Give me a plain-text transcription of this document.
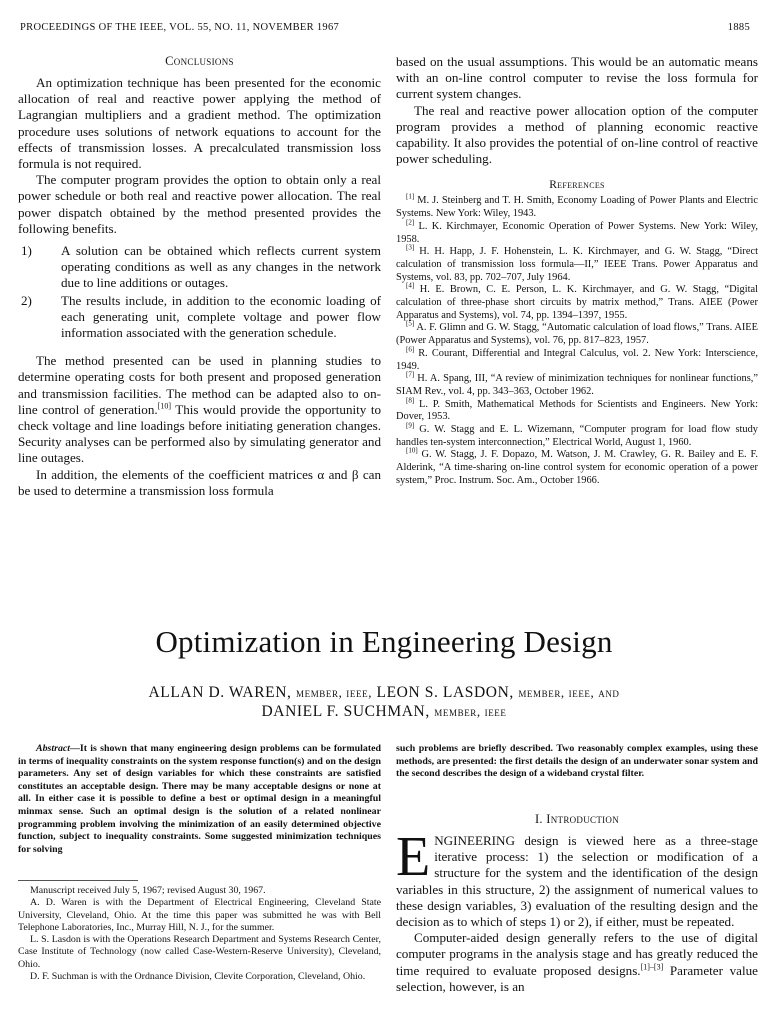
PROCEEDINGS OF THE IEEE, VOL. 55, NO. 11, NOVEMBER 1967	1885
Conclusions

An optimization technique has been presented for the economic allocation of real and reactive power applying the method of Lagrangian multipliers and a gradient method. The optimization procedure uses solutions of network equations to account for the effects of transmission losses. A precalculated transmission loss formula is not required.

The computer program provides the option to obtain only a real power schedule or both real and reactive power allocation. The real power dispatch obtained by the method presented provides the following benefits.

1) A solution can be obtained which reflects current system operating conditions as well as any changes in the network due to line additions or outages.
2) The results include, in addition to the economic loading of each generating unit, complete voltage and power flow information associated with the generation schedule.

The method presented can be used in planning studies to determine operating costs for both present and proposed generation and transmission facilities. The method can be adapted also to on-line control of generation.[10] This would provide the opportunity to check voltage and line loadings before initiating generation changes. Security analyses can be performed also by simulating generator and line outages.

In addition, the elements of the coefficient matrices α and β can be used to determine a transmission loss formula

based on the usual assumptions. This would be an automatic means with an on-line control computer to revise the loss formula for current system changes.

The real and reactive power allocation option of the computer program provides a method of planning economic reactive capability. It also provides the potential of on-line control of reactive power scheduling.

References

[1] M. J. Steinberg and T. H. Smith, Economy Loading of Power Plants and Electric Systems. New York: Wiley, 1943.

[2] L. K. Kirchmayer, Economic Operation of Power Systems. New York: Wiley, 1958.

[3] H. H. Happ, J. F. Hohenstein, L. K. Kirchmayer, and G. W. Stagg, “Direct calculation of transmission loss formula—II,” IEEE Trans. Power Apparatus and Systems, vol. 83, pp. 702–707, July 1964.

[4] H. E. Brown, C. E. Person, L. K. Kirchmayer, and G. W. Stagg, “Digital calculation of three-phase short circuits by matrix method,” Trans. AIEE (Power Apparatus and Systems), vol. 74, pp. 1394–1397, 1955.

[5] A. F. Glimn and G. W. Stagg, “Automatic calculation of load flows,” Trans. AIEE (Power Apparatus and Systems), vol. 76, pp. 817–823, 1957.

[6] R. Courant, Differential and Integral Calculus, vol. 2. New York: Interscience, 1949.

[7] H. A. Spang, III, “A review of minimization techniques for nonlinear functions,” SIAM Rev., vol. 4, pp. 343–363, October 1962.

[8] L. P. Smith, Mathematical Methods for Scientists and Engineers. New York: Dover, 1953.

[9] G. W. Stagg and E. L. Wizemann, “Computer program for load flow study handles ten-system interconnection,” Electrical World, August 1, 1960.

[10] G. W. Stagg, J. F. Dopazo, M. Watson, J. M. Crawley, G. R. Bailey and E. F. Alderink, “A time-sharing on-line control system for economic operation of a power system,” Proc. Instrum. Soc. Am., October 1966.

Optimization in Engineering Design
ALLAN D. WAREN, member, ieee, LEON S. LASDON, member, ieee, and
DANIEL F. SUCHMAN, member, ieee

Abstract—It is shown that many engineering design problems can be formulated in terms of inequality constraints on the system response function(s) and on the design parameters. Any set of design variables for which these constraints are satisfied constitutes an acceptable design. There may be many acceptable designs or none at all. In either case it is possible to define a best or optimal design in a meaningful minmax sense. Such an optimal design is the solution of a related nonlinear programming problem involving the minimization of an easily determined objective function, subject to inequality constraints. Some suggested minimization techniques for solving

such problems are briefly described. Two reasonably complex examples, using these methods, are presented: the first details the design of an underwater sonar system and the second describes the design of a wideband crystal filter.

Manuscript received July 5, 1967; revised August 30, 1967.

A. D. Waren is with the Department of Electrical Engineering, Cleveland State University, Cleveland, Ohio. At the time this paper was submitted he was with Bell Telephone Laboratories, Inc., Murray Hill, N. J., for the summer.

L. S. Lasdon is with the Operations Research Department and Systems Research Center, Case Institute of Technology (now called Case-Western-Reserve University), Cleveland, Ohio.

D. F. Suchman is with the Ordnance Division, Clevite Corporation, Cleveland, Ohio.

I. Introduction

ENGINEERING design is viewed here as a three-stage iterative process: 1) the selection or modification of a structure for the system and the identification of the design variables in this structure, 2) the assignment of numerical values to these design variables, 3) evaluation of the resulting design and the decision as to which of steps 1) or 2), if either, must be repeated.

Computer-aided design generally refers to the use of digital computer programs in the analysis stage and has greatly reduced the time required to evaluate proposed designs.[1]–[3] Parameter value selection, however, is an
